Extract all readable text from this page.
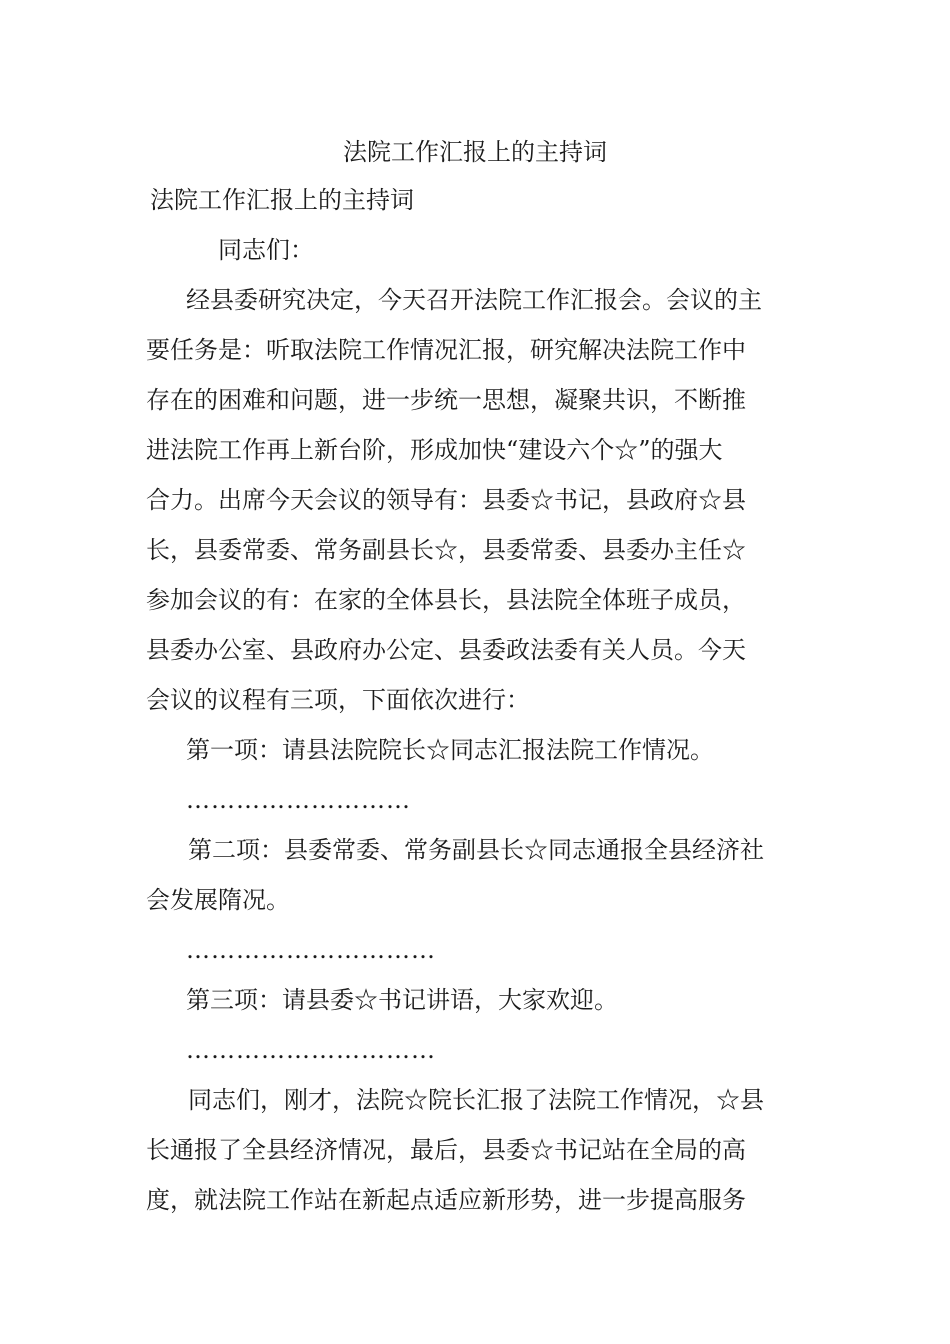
法院工作汇报上的主持词

法院工作汇报上的主持词

同志们：

经县委研究决定，今天召开法院工作汇报会。会议的主

要任务是：听取法院工作情况汇报，研究解决法院工作中

存在的困难和问题，进一步统一思想，凝聚共识，不断推

进法院工作再上新台阶，形成加快“建设六个☆”的强大

合力。出席今天会议的领导有：县委☆书记，县政府☆县

长，县委常委、常务副县长☆，县委常委、县委办主任☆

参加会议的有：在家的全体县长，县法院全体班子成员，

县委办公室、县政府办公定、县委政法委有关人员。今天

会议的议程有三项，下面依次进行：

第一项：请县法院院长☆同志汇报法院工作情况。

………………………

第二项：县委常委、常务副县长☆同志通报全县经济社

会发展隋况。

…………………………

第三项：请县委☆书记讲语，大家欢迎。

…………………………

同志们，刚才，法院☆院长汇报了法院工作情况，☆县

长通报了全县经济情况，最后，县委☆书记站在全局的高

度，就法院工作站在新起点适应新形势，进一步提高服务
